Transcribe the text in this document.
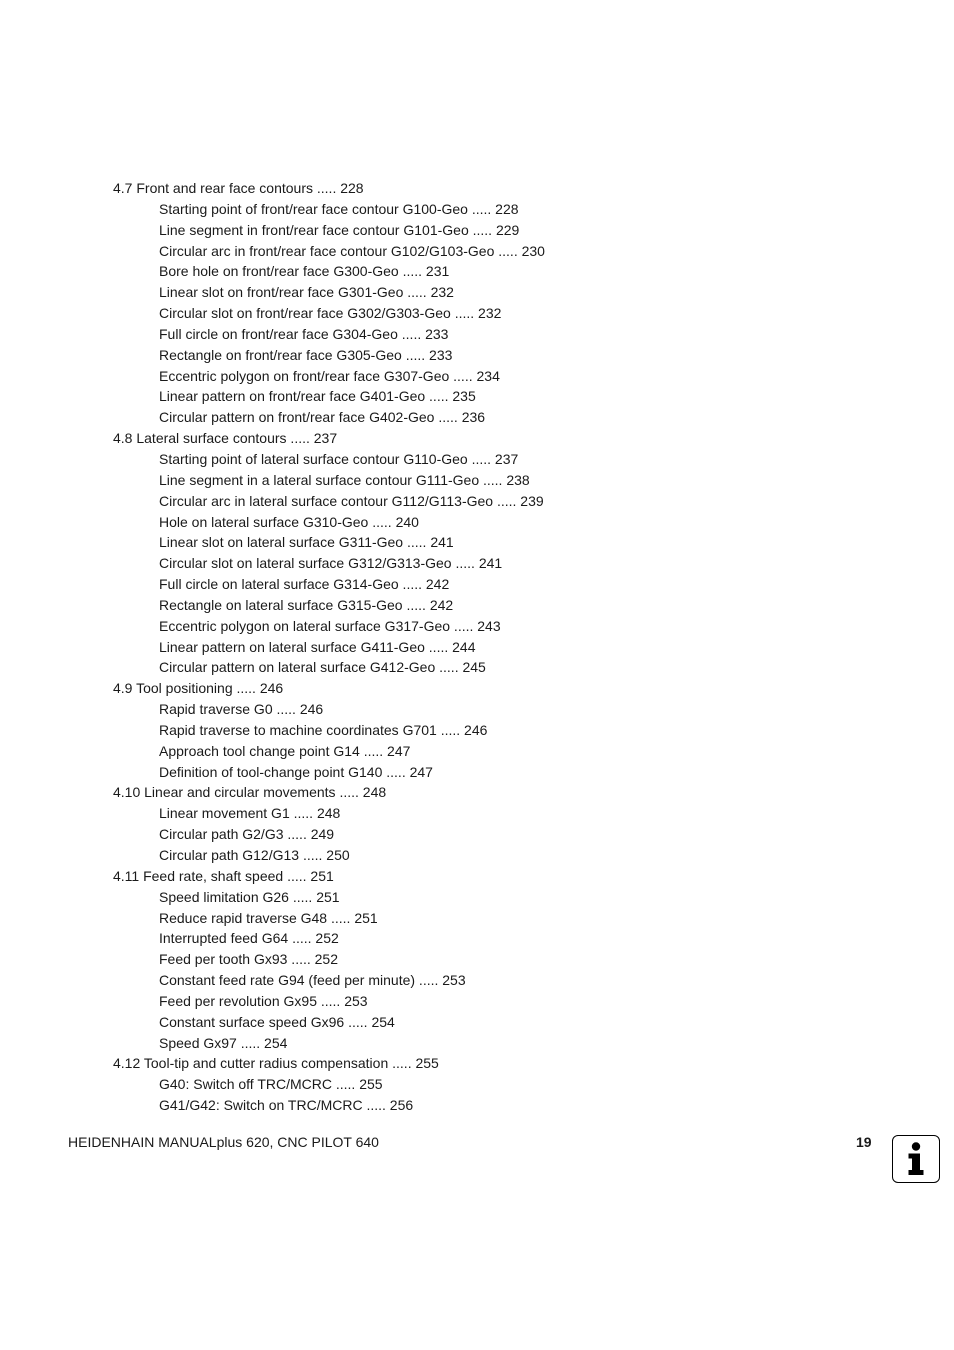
4.7 Front and rear face contours ..... 228
Starting point of front/rear face contour G100-Geo ..... 228
Line segment in front/rear face contour G101-Geo ..... 229
Circular arc in front/rear face contour G102/G103-Geo ..... 230
Bore hole on front/rear face G300-Geo ..... 231
Linear slot on front/rear face G301-Geo ..... 232
Circular slot on front/rear face G302/G303-Geo ..... 232
Full circle on front/rear face G304-Geo ..... 233
Rectangle on front/rear face G305-Geo ..... 233
Eccentric polygon on front/rear face G307-Geo ..... 234
Linear pattern on front/rear face G401-Geo ..... 235
Circular pattern on front/rear face G402-Geo ..... 236
4.8 Lateral surface contours ..... 237
Starting point of lateral surface contour G110-Geo ..... 237
Line segment in a lateral surface contour G111-Geo ..... 238
Circular arc in lateral surface contour G112/G113-Geo ..... 239
Hole on lateral surface G310-Geo ..... 240
Linear slot on lateral surface G311-Geo ..... 241
Circular slot on lateral surface G312/G313-Geo ..... 241
Full circle on lateral surface G314-Geo ..... 242
Rectangle on lateral surface G315-Geo ..... 242
Eccentric polygon on lateral surface G317-Geo ..... 243
Linear pattern on lateral surface G411-Geo ..... 244
Circular pattern on lateral surface G412-Geo ..... 245
4.9 Tool positioning ..... 246
Rapid traverse G0 ..... 246
Rapid traverse to machine coordinates G701 ..... 246
Approach tool change point G14 ..... 247
Definition of tool-change point G140 ..... 247
4.10 Linear and circular movements ..... 248
Linear movement G1 ..... 248
Circular path G2/G3 ..... 249
Circular path G12/G13 ..... 250
4.11 Feed rate, shaft speed ..... 251
Speed limitation G26 ..... 251
Reduce rapid traverse G48 ..... 251
Interrupted feed G64 ..... 252
Feed per tooth Gx93 ..... 252
Constant feed rate G94 (feed per minute) ..... 253
Feed per revolution Gx95 ..... 253
Constant surface speed Gx96 ..... 254
Speed Gx97 ..... 254
4.12 Tool-tip and cutter radius compensation ..... 255
G40: Switch off TRC/MCRC ..... 255
G41/G42: Switch on TRC/MCRC ..... 256
HEIDENHAIN MANUALplus 620, CNC PILOT 640	19
